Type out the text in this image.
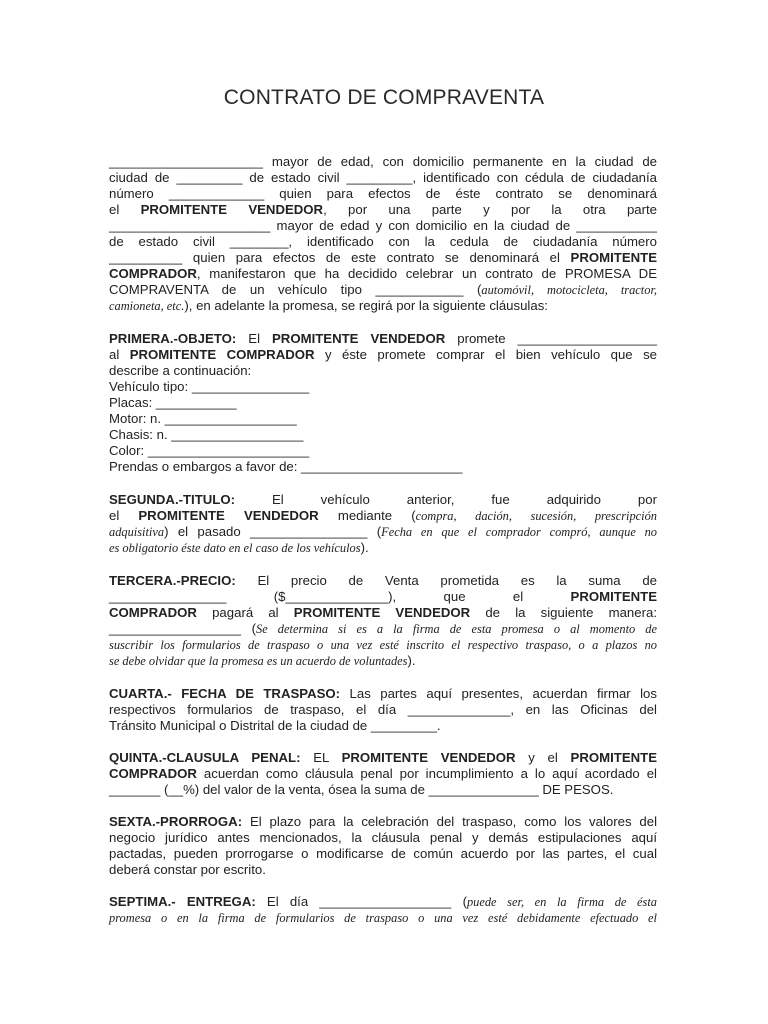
CONTRATO DE COMPRAVENTA
_____________________ mayor de edad, con domicilio permanente en la ciudad de
ciudad de _________ de estado civil _________, identificado con cédula de ciudadanía
número _____________ quien para efectos de éste contrato se denominará
el PROMITENTE VENDEDOR, por una parte y por la otra parte
______________________ mayor de edad y con domicilio en la ciudad de ___________
de estado civil ________, identificado con la cedula de ciudadanía número
__________ quien para efectos de este contrato se denominará el PROMITENTE
COMPRADOR, manifestaron que ha decidido celebrar un contrato de PROMESA DE
COMPRAVENTA de un vehículo tipo ____________ (automóvil, motocicleta, tractor,
camioneta, etc.), en adelante la promesa, se regirá por la siguiente cláusulas:
PRIMERA.-OBJETO: El PROMITENTE VENDEDOR promete ___________________
al PROMITENTE COMPRADOR y éste promete comprar el bien vehículo que se
describe a continuación:
Vehículo tipo: ________________
Placas: ___________
Motor: n. __________________
Chasis: n. __________________
Color: ______________________
Prendas o embargos a favor de: ______________________
SEGUNDA.-TITULO: El vehículo anterior, fue adquirido por
el PROMITENTE VENDEDOR mediante (compra, dación, sucesión, prescripción
adquisitiva) el pasado ________________ (Fecha en que el comprador compró, aunque no
es obligatorio éste dato en el caso de los vehículos).
TERCERA.-PRECIO: El precio de Venta prometida es la suma de
________________ ($______________), que el PROMITENTE
COMPRADOR pagará al PROMITENTE VENDEDOR de la siguiente manera:
__________________ (Se determina si es a la firma de esta promesa o al momento de
suscribir los formularios de traspaso o una vez esté inscrito el respectivo traspaso, o a plazos no
se debe olvidar que la promesa es un acuerdo de voluntades).
CUARTA.- FECHA DE TRASPASO: Las partes aquí presentes, acuerdan firmar los
respectivos formularios de traspaso, el día ______________, en las Oficinas del
Tránsito Municipal o Distrital de la ciudad de _________.
QUINTA.-CLAUSULA PENAL: EL PROMITENTE VENDEDOR y el PROMITENTE
COMPRADOR acuerdan como cláusula penal por incumplimiento a lo aquí acordado el
_______ (__%) del valor de la venta, ósea la suma de _______________ DE PESOS.
SEXTA.-PRORROGA: El plazo para la celebración del traspaso, como los valores del
negocio jurídico antes mencionados, la cláusula penal y demás estipulaciones aquí
pactadas, pueden prorrogarse o modificarse de común acuerdo por las partes, el cual
deberá constar por escrito.
SEPTIMA.- ENTREGA: El día __________________ (puede ser, en la firma de ésta
promesa o en la firma de formularios de traspaso o una vez esté debidamente efectuado el
